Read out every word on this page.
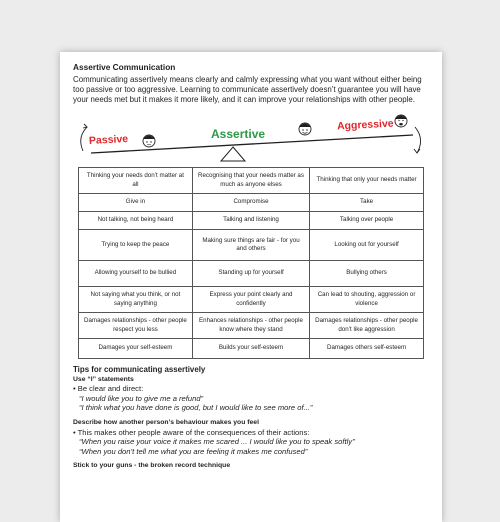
Assertive Communication

Communicating assertively means clearly and calmly expressing what you want without either being too passive or too aggressive. Learning to communicate assertively doesn’t guarantee you will have your needs met but it makes it more likely, and it can improve your relationships with other people.

Passive	Assertive
Aggressive
Thinking your needs don’t matter at all	Recognising that your needs matter as much as anyone elses	Thinking that only your needs matter
Give in	Compromise	Take
Not talking, not being heard	Talking and listening	Talking over people
Trying to keep the peace	Making sure things are fair - for you and others	Looking out for yourself
Allowing yourself to be bullied	Standing up for yourself	Bullying others
Not saying what you think, or not saying anything	Express your point clearly and confidently	Can lead to shouting, aggression or violence
Damages relationships - other people respect you less	Enhances relationships - other people know where they stand	Damages relationships - other people don’t like aggression
Damages your self-esteem	Builds your self-esteem	Damages others self-esteem
Tips for communicating assertively
Use “I” statements
• Be clear and direct:
“I would like you to give me a refund”
“I think what you have done is good, but I would like to see more of...”
Describe how another person’s behaviour makes you feel
• This makes other people aware of the consequences of their actions:
“When you raise your voice it makes me scared ... I would like you to speak softly”
“When you don’t tell me what you are feeling it makes me confused”
Stick to your guns - the broken record technique
